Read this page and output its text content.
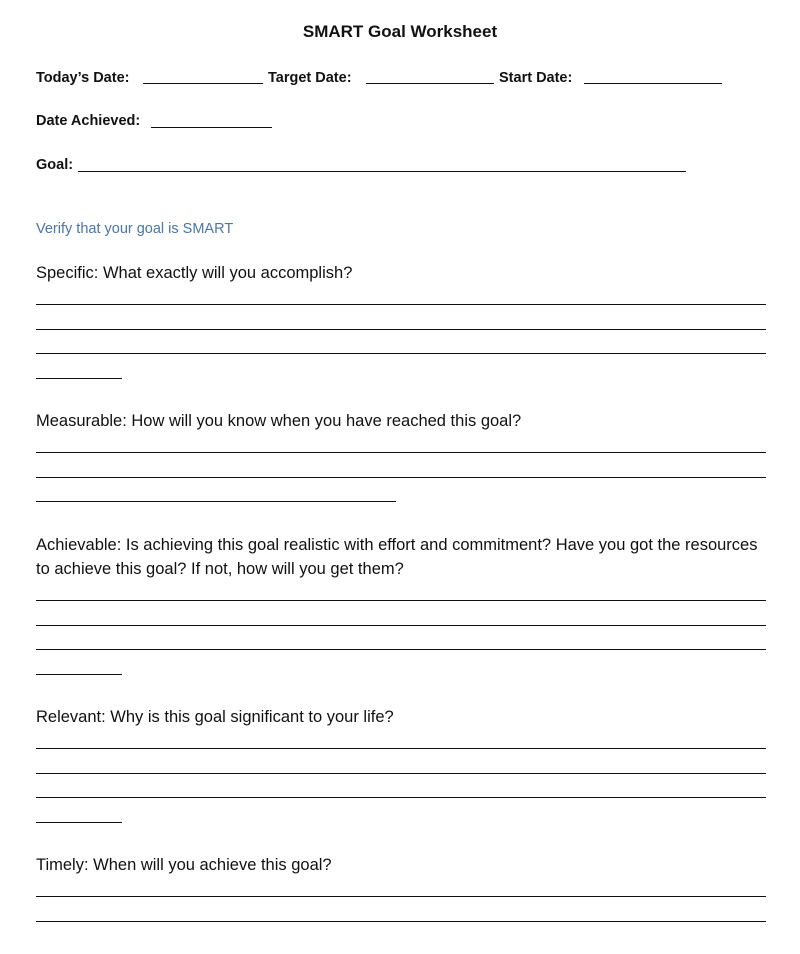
SMART Goal Worksheet
Today’s Date:	Target Date:	Start Date:
Date Achieved:
Goal:
Verify that your goal is SMART
Specific: What exactly will you accomplish?
Measurable: How will you know when you have reached this goal?
Achievable: Is achieving this goal realistic with effort and commitment? Have you got the resources to achieve this goal? If not, how will you get them?
Relevant: Why is this goal significant to your life?
Timely: When will you achieve this goal?
